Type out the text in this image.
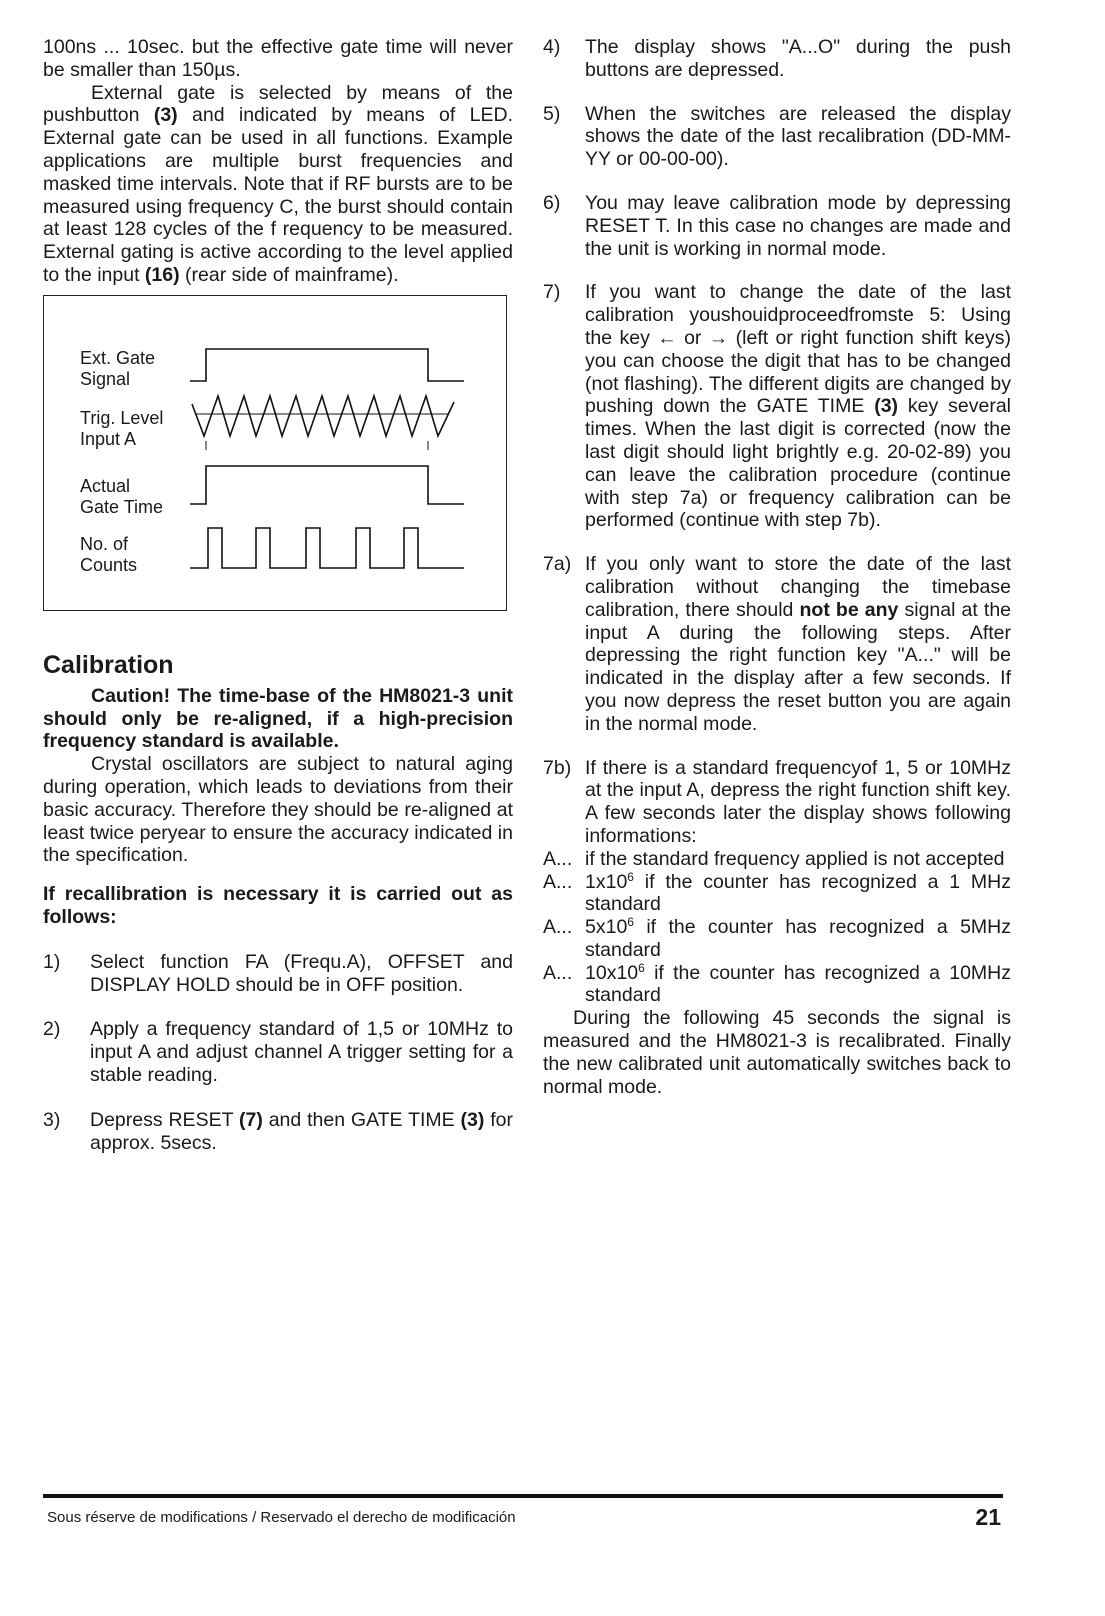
100ns ... 10sec. but the effective gate time will never be smaller than 150µs.

External gate is selected by means of the pushbutton (3) and indicated by means of LED. External gate can be used in all functions. Example applications are multiple burst frequencies and masked time intervals. Note that if RF bursts are to be measured using frequency C, the burst should contain at least 128 cycles of the f requency to be measured. External gating is active according to the level applied to the input (16) (rear side of mainframe).

Ext. Gate
Signal
Trig. Level
Input A
Actual
Gate Time
No. of
Counts
Calibration

Caution! The time-base of the HM8021-3 unit should only be re-aligned, if a high-precision frequency standard is available.

Crystal oscillators are subject to natural aging during operation, which leads to deviations from their basic accuracy. Therefore they should be re-aligned at least twice peryear to ensure the accuracy indicated in the specification.

If recallibration is necessary it is carried out as follows:

1)	Select function FA (Frequ.A), OFFSET and DISPLAY HOLD should be in OFF position.
2)	Apply a frequency standard of 1,5 or 10MHz to input A and adjust channel A trigger setting for a stable reading.
3)	Depress RESET (7) and then GATE TIME (3) for approx. 5secs.
4)	The display shows "A...O" during the push buttons are depressed.
5)	When the switches are released the display shows the date of the last recalibration (DD-MM-YY or 00-00-00).
6)	You may leave calibration mode by depressing RESET T. In this case no changes are made and the unit is working in normal mode.
7)	If you want to change the date of the last calibration youshouidproceedfromste 5: Using the key ← or → (left or right function shift keys) you can choose the digit that has to be changed (not flashing). The different digits are changed by pushing down the GATE TIME (3) key several times. When the last digit is corrected (now the last digit should light brightly e.g. 20-02-89) you can leave the calibration procedure (continue with step 7a) or frequency calibration can be performed (continue with step 7b).
7a) If you only want to store the date of the last calibration without changing the timebase calibration, there should not be any signal at the input A during the following steps. After depressing the right function key "A..." will be indicated in the display after a few seconds. If you now depress the reset button you are again in the normal mode.
7b) If there is a standard frequencyof 1, 5 or 10MHz at the input A, depress the right function shift key. A few seconds later the display shows following informations:
A... if the standard frequency applied is not accepted
A... $1x10^6$ if the counter has recognized a 1 MHz standard
A... $5x10^6$ if the counter has recognized a 5MHz standard
A... $10x10^6$ if the counter has recognized a 10MHz standard

During the following 45 seconds the signal is measured and the HM8021-3 is recalibrated. Finally the new calibrated unit automatically switches back to normal mode.

Sous réserve de modifications / Reservado el derecho de modificación	21
